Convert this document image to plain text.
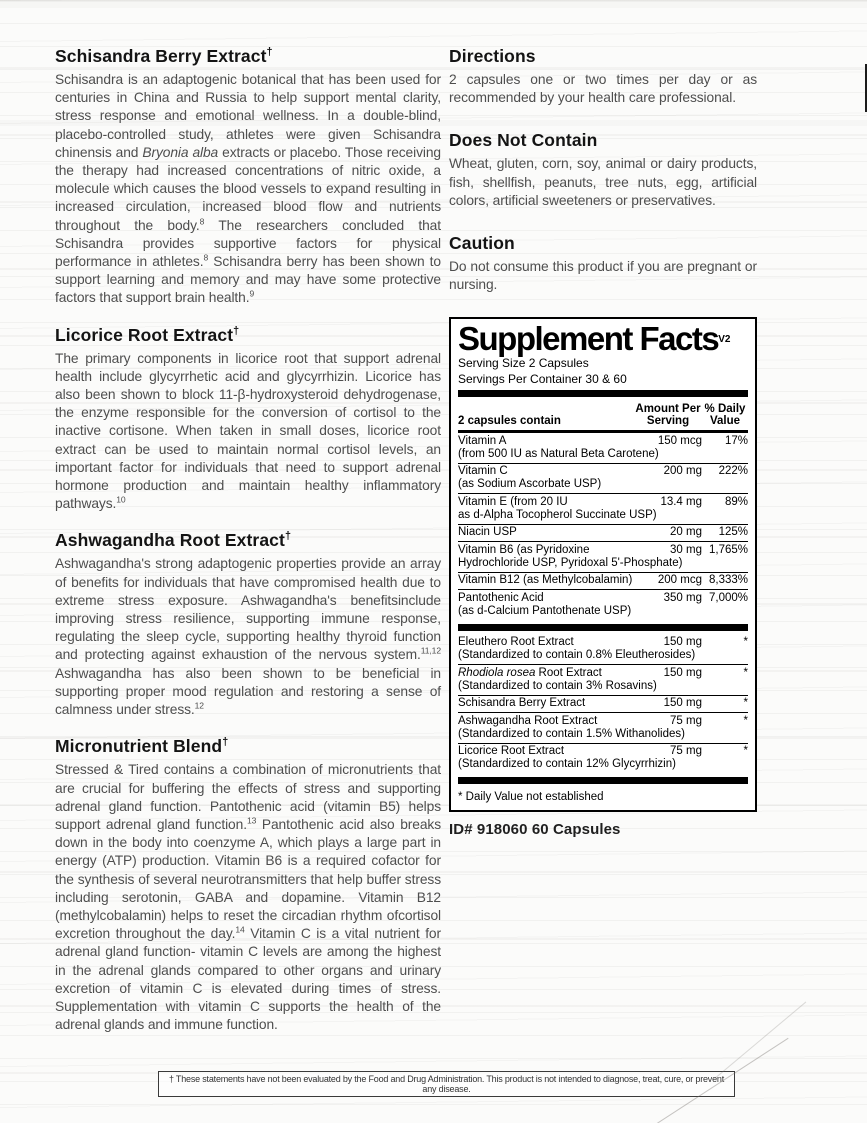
Schisandra Berry Extract†
Schisandra is an adaptogenic botanical that has been used for centuries in China and Russia to help support mental clarity, stress response and emotional wellness. In a double-blind, placebo-controlled study, athletes were given Schisandra chinensis and Bryonia alba extracts or placebo. Those receiving the therapy had increased concentrations of nitric oxide, a molecule which causes the blood vessels to expand resulting in increased circulation, increased blood flow and nutrients throughout the body.$^8$ The researchers concluded that Schisandra provides supportive factors for physical performance in athletes.$^8$ Schisandra berry has been shown to support learning and memory and may have some protective factors that support brain health.$^9$
Licorice Root Extract†
The primary components in licorice root that support adrenal health include glycyrrhetic acid and glycyrrhizin. Licorice has also been shown to block 11-β-hydroxysteroid dehydrogenase, the enzyme responsible for the conversion of cortisol to the inactive cortisone. When taken in small doses, licorice root extract can be used to maintain normal cortisol levels, an important factor for individuals that need to support adrenal hormone production and maintain healthy inflammatory pathways.$^{10}$
Ashwagandha Root Extract†
Ashwagandha's strong adaptogenic properties provide an array of benefits for individuals that have compromised health due to extreme stress exposure. Ashwagandha's benefitsinclude improving stress resilience, supporting immune response, regulating the sleep cycle, supporting healthy thyroid function and protecting against exhaustion of the nervous system.$^{11,12}$ Ashwagandha has also been shown to be beneficial in supporting proper mood regulation and restoring a sense of calmness under stress.$^{12}$
Micronutrient Blend†
Stressed & Tired contains a combination of micronutrients that are crucial for buffering the effects of stress and supporting adrenal gland function. Pantothenic acid (vitamin B5) helps support adrenal gland function.$^{13}$ Pantothenic acid also breaks down in the body into coenzyme A, which plays a large part in energy (ATP) production. Vitamin B6 is a required cofactor for the synthesis of several neurotransmitters that help buffer stress including serotonin, GABA and dopamine. Vitamin B12 (methylcobalamin) helps to reset the circadian rhythm ofcortisol excretion throughout the day.$^{14}$ Vitamin C is a vital nutrient for adrenal gland function- vitamin C levels are among the highest in the adrenal glands compared to other organs and urinary excretion of vitamin C is elevated during times of stress. Supplementation with vitamin C supports the health of the adrenal glands and immune function.
Directions
2 capsules one or two times per day or as recommended by your health care professional.
Does Not Contain
Wheat, gluten, corn, soy, animal or dairy products, fish, shellfish, peanuts, tree nuts, egg, artificial colors, artificial sweeteners or preservatives.
Caution
Do not consume this product if you are pregnant or nursing.
Supplement Facts$^{V2}$
Serving Size 2 Capsules
Servings Per Container 30 & 60
2 capsules contain
Amount Per Serving
% Daily Value
Vitamin A	150 mcg	17%
(from 500 IU as Natural Beta Carotene)
Vitamin C	200 mg	222%
(as Sodium Ascorbate USP)
Vitamin E (from 20 IU	13.4 mg	89%
as d-Alpha Tocopherol Succinate USP)
Niacin USP	20 mg	125%
Vitamin B6 (as Pyridoxine	30 mg 1,765%
Hydrochloride USP, Pyridoxal 5'-Phosphate)
Vitamin B12 (as Methylcobalamin)	200 mcg 8,333%
Pantothenic Acid	350 mg 7,000%
(as d-Calcium Pantothenate USP)
Eleuthero Root Extract	150 mg	*
(Standardized to contain 0.8% Eleutherosides)
Rhodiola rosea Root Extract	150 mg	*
(Standardized to contain 3% Rosavins)
Schisandra Berry Extract	150 mg	*
Ashwagandha Root Extract	75 mg	*
(Standardized to contain 1.5% Withanolides)
Licorice Root Extract	75 mg	*
(Standardized to contain 12% Glycyrrhizin)
* Daily Value not established
ID# 918060 60 Capsules
† These statements have not been evaluated by the Food and Drug Administration. This product is not intended to diagnose, treat, cure, or prevent any disease.
